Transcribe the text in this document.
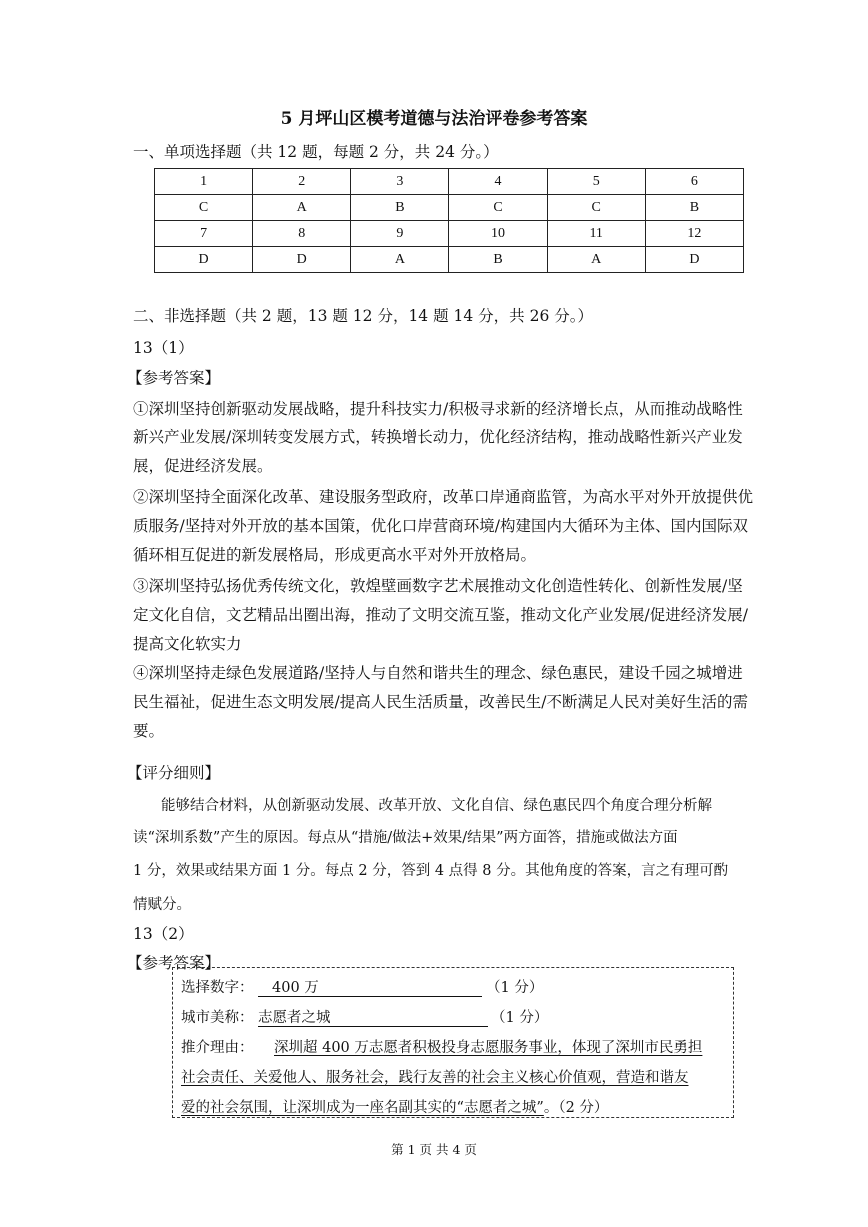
5 月坪山区模考道德与法治评卷参考答案
一、单项选择题（共 12 题，每题 2 分，共 24 分。）
1	2	3	4	5	6
C	A	B	C	C	B
7	8	9	10	11	12
D	D	A	B	A	D
二、非选择题（共 2 题，13 题 12 分，14 题 14 分，共 26 分。）
13（1）
【参考答案】
①深圳坚持创新驱动发展战略，提升科技实力/积极寻求新的经济增长点，从而推动战略性
新兴产业发展/深圳转变发展方式，转换增长动力，优化经济结构，推动战略性新兴产业发
展，促进经济发展。
②深圳坚持全面深化改革、建设服务型政府，改革口岸通商监管，为高水平对外开放提供优
质服务/坚持对外开放的基本国策，优化口岸营商环境/构建国内大循环为主体、国内国际双
循环相互促进的新发展格局，形成更高水平对外开放格局。
③深圳坚持弘扬优秀传统文化，敦煌壁画数字艺术展推动文化创造性转化、创新性发展/坚
定文化自信，文艺精品出圈出海，推动了文明交流互鉴，推动文化产业发展/促进经济发展/
提高文化软实力
④深圳坚持走绿色发展道路/坚持人与自然和谐共生的理念、绿色惠民，建设千园之城增进
民生福祉，促进生态文明发展/提高人民生活质量，改善民生/不断满足人民对美好生活的需
要。
【评分细则】
能够结合材料，从创新驱动发展、改革开放、文化自信、绿色惠民四个角度合理分析解
读“深圳系数”产生的原因。每点从“措施/做法+效果/结果”两方面答，措施或做法方面
1 分，效果或结果方面 1 分。每点 2 分，答到 4 点得 8 分。其他角度的答案，言之有理可酌
情赋分。
13（2）
【参考答案】
选择数字：	400 万	（1 分）
城市美称： 志愿者之城	（1 分）
推介理由：	深圳超 400 万志愿者积极投身志愿服务事业，体现了深圳市民勇担
社会责任、关爱他人、服务社会，践行友善的社会主义核心价值观，营造和谐友
爱的社会氛围，让深圳成为一座名副其实的“志愿者之城”。（2 分）
第 1 页 共 4 页
